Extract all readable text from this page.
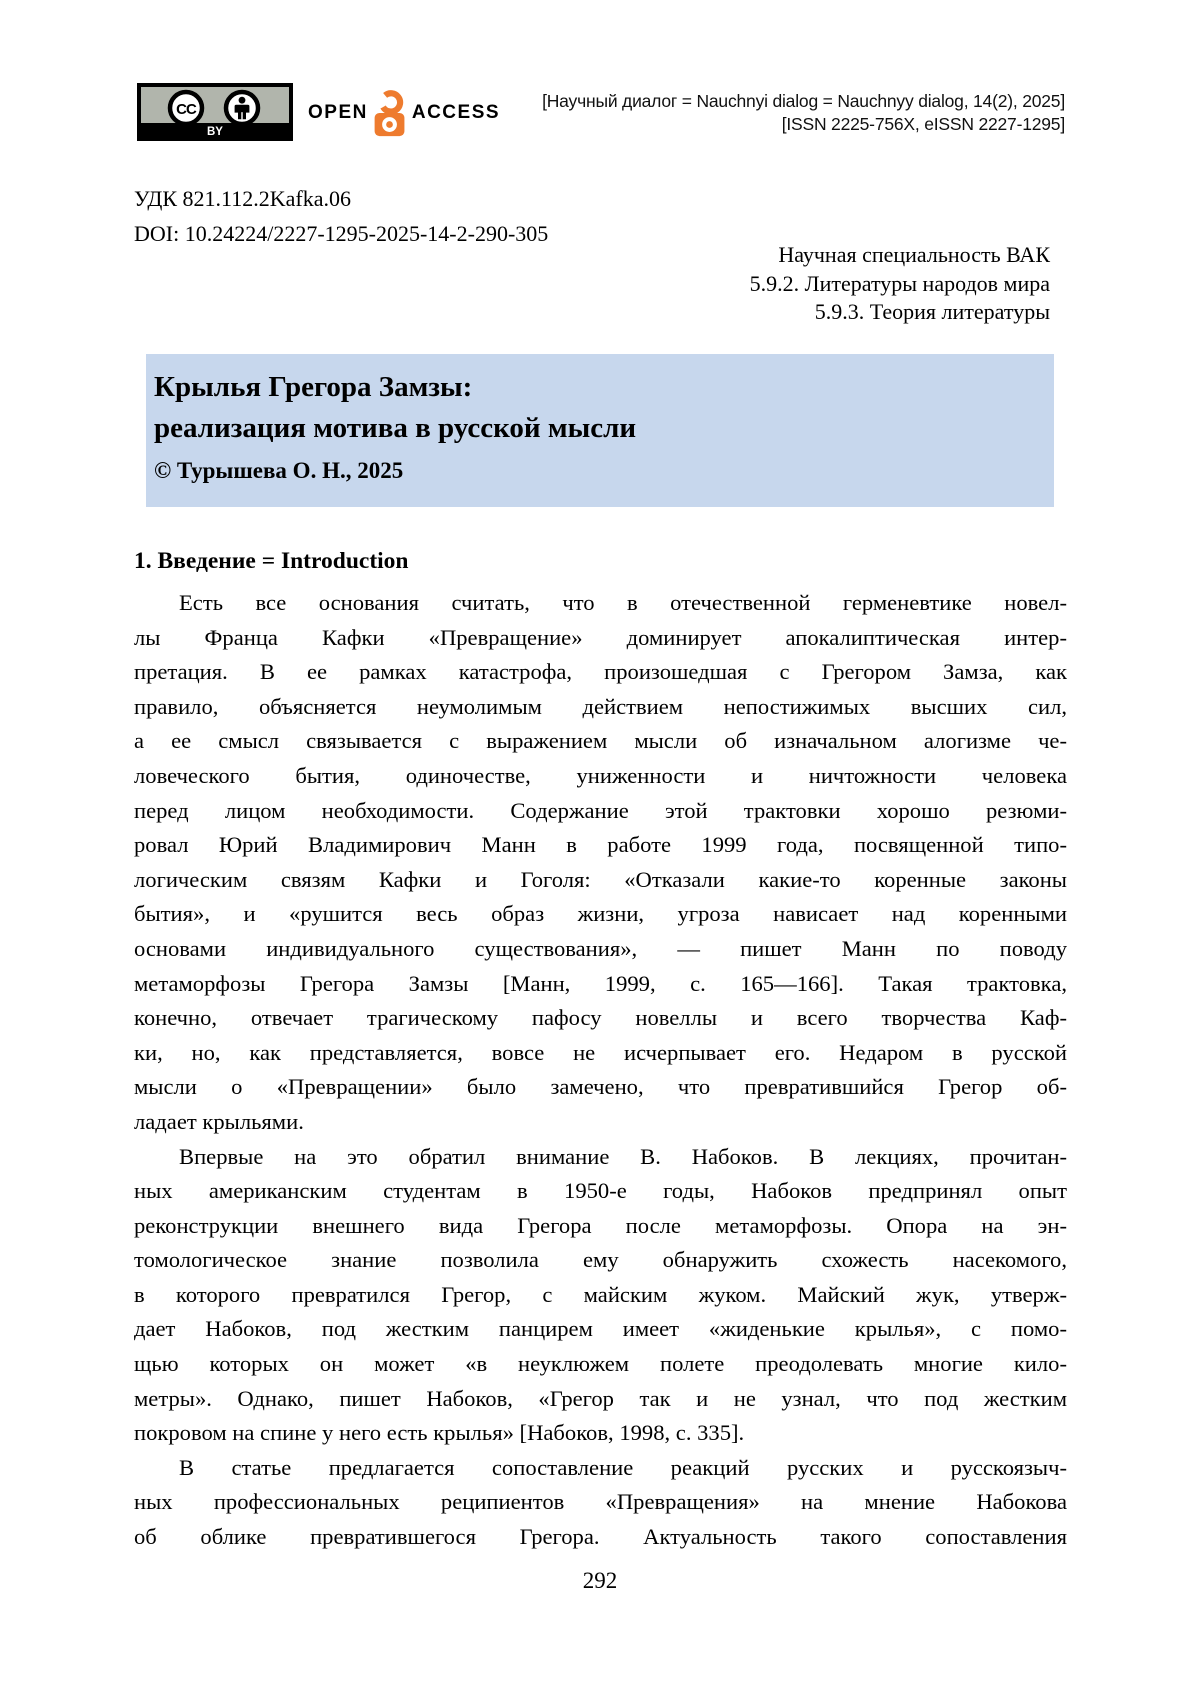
CC
BY
OPEN ACCESS
[Научный диалог = Nauchnyi dialog = Nauchnyy dialog, 14(2), 2025]
[ISSN 2225-756X, eISSN 2227-1295]
УДК 821.112.2Kafka.06
DOI: 10.24224/2227-1295-2025-14-2-290-305
Научная специальность ВАК
5.9.2. Литературы народов мира
5.9.3. Теория литературы
Крылья Грегора Замзы:
реализация мотива в русской мысли
© Турышева О. Н., 2025
1. Введение = Introduction
Есть все основания считать, что в отечественной герменевтике новел-
лы Франца Кафки «Превращение» доминирует апокалиптическая интер-
претация. В ее рамках катастрофа, произошедшая с Грегором Замза, как
правило, объясняется неумолимым действием непостижимых высших сил,
а ее смысл связывается с выражением мысли об изначальном алогизме че-
ловеческого бытия, одиночестве, униженности и ничтожности человека
перед лицом необходимости. Содержание этой трактовки хорошо резюми-
ровал Юрий Владимирович Манн в работе 1999 года, посвященной типо-
логическим связям Кафки и Гоголя: «Отказали какие-то коренные законы
бытия», и «рушится весь образ жизни, угроза нависает над коренными
основами индивидуального существования», — пишет Манн по поводу
метаморфозы Грегора Замзы [Манн, 1999, с. 165—166]. Такая трактовка,
конечно, отвечает трагическому пафосу новеллы и всего творчества Каф-
ки, но, как представляется, вовсе не исчерпывает его. Недаром в русской
мысли о «Превращении» было замечено, что превратившийся Грегор об-
ладает крыльями.
Впервые на это обратил внимание В. Набоков. В лекциях, прочитан-
ных американским студентам в 1950-е годы, Набоков предпринял опыт
реконструкции внешнего вида Грегора после метаморфозы. Опора на эн-
томологическое знание позволила ему обнаружить схожесть насекомого,
в которого превратился Грегор, с майским жуком. Майский жук, утверж-
дает Набоков, под жестким панцирем имеет «жиденькие крылья», с помо-
щью которых он может «в неуклюжем полете преодолевать многие кило-
метры». Однако, пишет Набоков, «Грегор так и не узнал, что под жестким
покровом на спине у него есть крылья» [Набоков, 1998, с. 335].
В статье предлагается сопоставление реакций русских и русскоязыч-
ных профессиональных реципиентов «Превращения» на мнение Набокова
об облике превратившегося Грегора. Актуальность такого сопоставления
292
